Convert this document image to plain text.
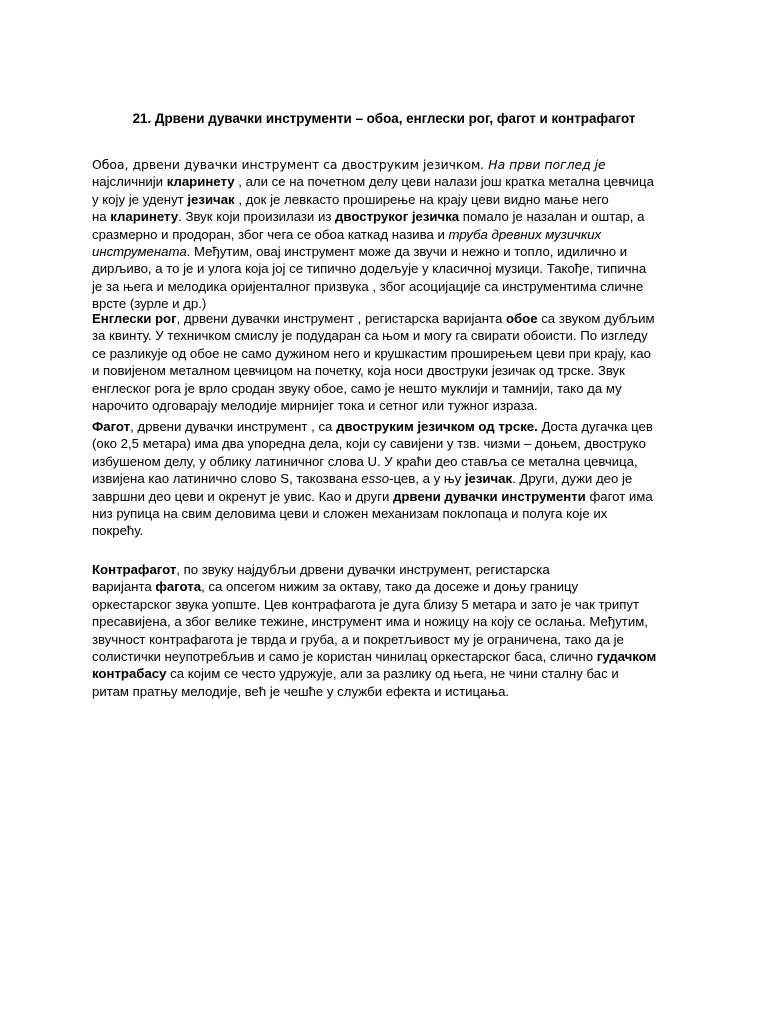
21. Дрвени дувачки инструменти – обоа, енглески рог, фагот и контрафагот
Обоа, дрвени дувачки инструмент са двоструким језичком. На први поглед је
најсличнији кларинету , али се на почетном делу цеви налази још кратка метална цевчица
у коју је уденут језичак , док је левкасто проширење на крају цеви видно мање него
на кларинету. Звук који произилази из двоструког језичка помало је назалан и оштар, а
сразмерно и продоран, због чега се обоа каткад назива и труба древних музичких
инструмената. Међутим, овај инструмент може да звучи и нежно и топло, идилично и
дирљиво, а то је и улога која јој се типично додељује у класичној музици. Такође, типична
је за њега и мелодика оријенталног призвука , због асоцијације са инструментима сличне
врсте (зурле и др.)
Енглески рог, дрвени дувачки инструмент , регистарска варијанта обое са звуком дубљим
за квинту. У техничком смислу је подударан са њом и могу га свирати обоисти. По изгледу
се разликује од обое не само дужином него и крушкастим проширењем цеви при крају, као
и повиjеном металном цевчицом на почетку, која носи двоструки језичак од трске. Звук
енглеског рога је врло сродан звуку обое, само је нешто муклији и тамнији, тако да му
нарочито одговарају мелодије мирнијег тока и сетног или тужног израза.
Фагот, дрвени дувачки инструмент , са двоструким језичком од трске. Доста дугачка цев
(око 2,5 метара) има два упоредна дела, који су савијени у тзв. чизми – доњем, двоструко
избушеном делу, у облику латиничног слова U. У краћи део ставља се метална цевчица,
извијена као латинично слово S, такозвана esso-цев, а у њу језичак. Други, дужи део је
завршни део цеви и окренут је увис. Као и други дрвени дувачки инструменти фагот има
низ рупица на свим деловима цеви и сложен механизам поклопаца и полуга које их
покрећу.
Контрафагот, по звуку најдубљи дрвени дувачки инструмент, регистарска
варијанта фагота, са опсегом нижим за октаву, тако да досеже и доњу границу
оркестарског звука уопште. Цев контрафагота је дуга близу 5 метара и зато је чак трипут
пресавијена, а због велике тежине, инструмент има и ножицу на коју се ослања. Међутим,
звучност контрафагота је тврда и груба, а и покретљивост му је ограничена, тако да је
солистички неупотребљив и само је користан чинилац оркестарског баса, слично гудачком
контрабасу са којим се често удружује, али за разлику од њега, не чини сталну бас и
ритам пратњу мелодије, већ је чешће у служби ефекта и истицања.
